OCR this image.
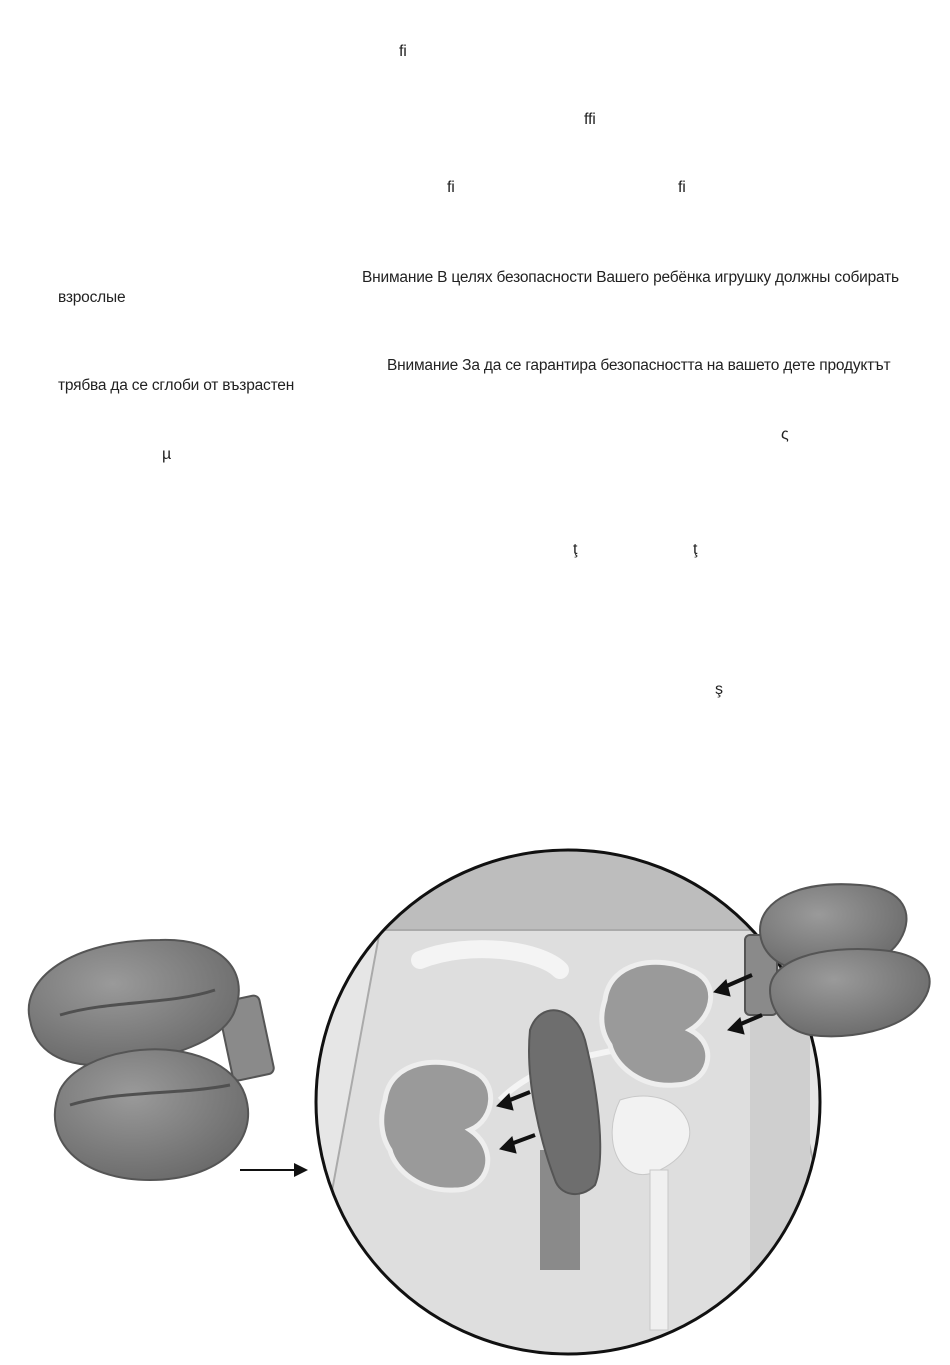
fi
ffi
fi	fi
Внимание В целях безопасности Вашего ребёнка игрушку должны собирать
взрослые
Внимание За да се гарантира безопасността на вашето дете продуктът
трябва да се сглоби от възрастен
ς
µ
ţ	ţ
ş
